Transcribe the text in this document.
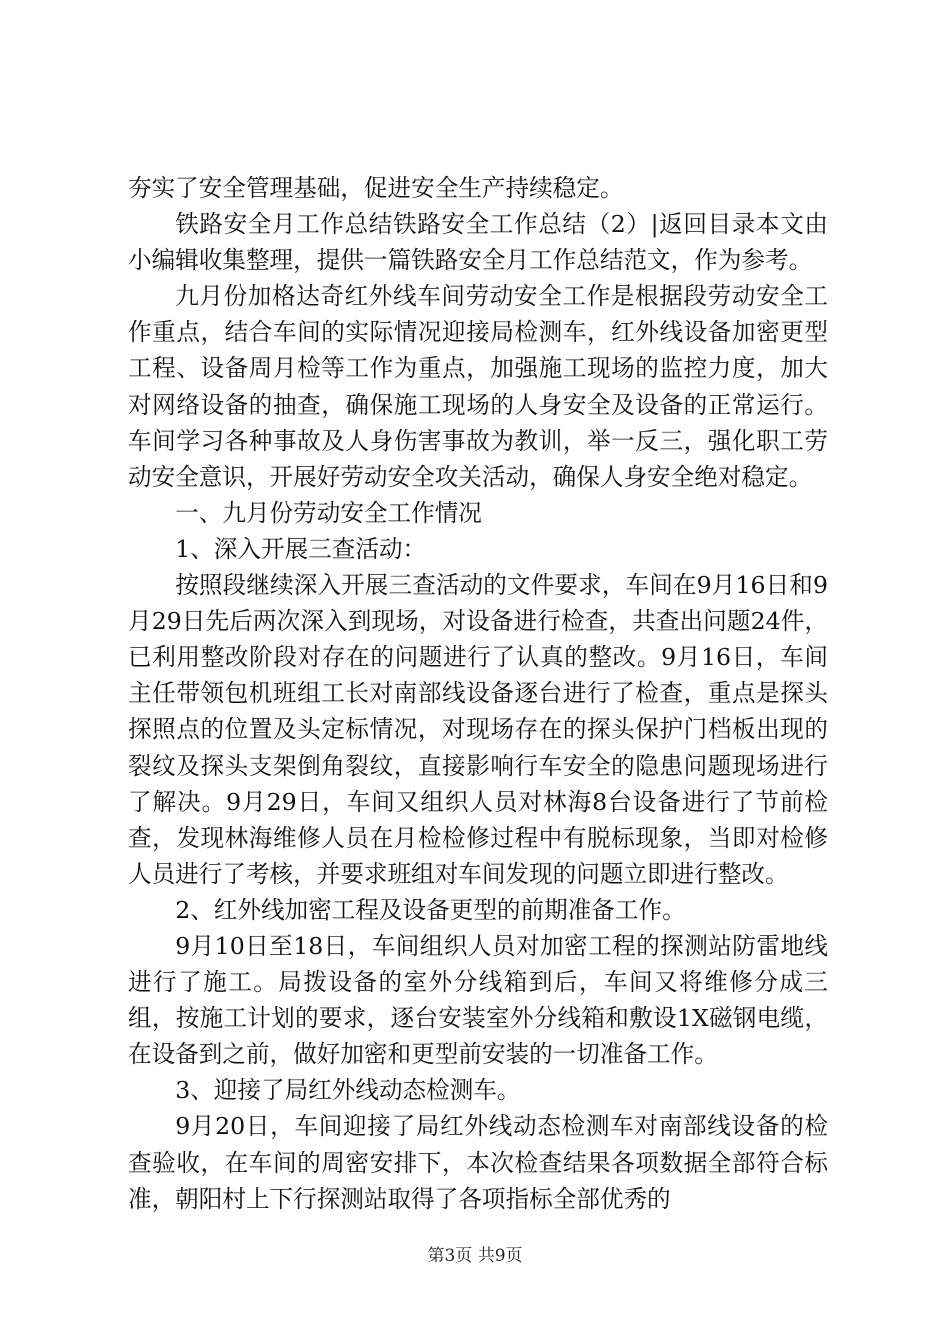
夯实了安全管理基础，促进安全生产持续稳定。

铁路安全月工作总结铁路安全工作总结（2）|返回目录本文由小编辑收集整理，提供一篇铁路安全月工作总结范文，作为参考。

九月份加格达奇红外线车间劳动安全工作是根据段劳动安全工作重点，结合车间的实际情况迎接局检测车，红外线设备加密更型工程、设备周月检等工作为重点，加强施工现场的监控力度，加大对网络设备的抽查，确保施工现场的人身安全及设备的正常运行。车间学习各种事故及人身伤害事故为教训，举一反三，强化职工劳动安全意识，开展好劳动安全攻关活动，确保人身安全绝对稳定。

一、九月份劳动安全工作情况

1、深入开展三查活动：

按照段继续深入开展三查活动的文件要求，车间在9月16日和9月29日先后两次深入到现场，对设备进行检查，共查出问题24件，已利用整改阶段对存在的问题进行了认真的整改。9月16日，车间主任带领包机班组工长对南部线设备逐台进行了检查，重点是探头探照点的位置及头定标情况，对现场存在的探头保护门档板出现的裂纹及探头支架倒角裂纹，直接影响行车安全的隐患问题现场进行了解决。9月29日，车间又组织人员对林海8台设备进行了节前检查，发现林海维修人员在月检检修过程中有脱标现象，当即对检修人员进行了考核，并要求班组对车间发现的问题立即进行整改。

2、红外线加密工程及设备更型的前期准备工作。

9月10日至18日，车间组织人员对加密工程的探测站防雷地线进行了施工。局拨设备的室外分线箱到后，车间又将维修分成三组，按施工计划的要求，逐台安装室外分线箱和敷设1X磁钢电缆，在设备到之前，做好加密和更型前安装的一切准备工作。

3、迎接了局红外线动态检测车。

9月20日，车间迎接了局红外线动态检测车对南部线设备的检查验收，在车间的周密安排下，本次检查结果各项数据全部符合标准，朝阳村上下行探测站取得了各项指标全部优秀的

第3页 共9页
